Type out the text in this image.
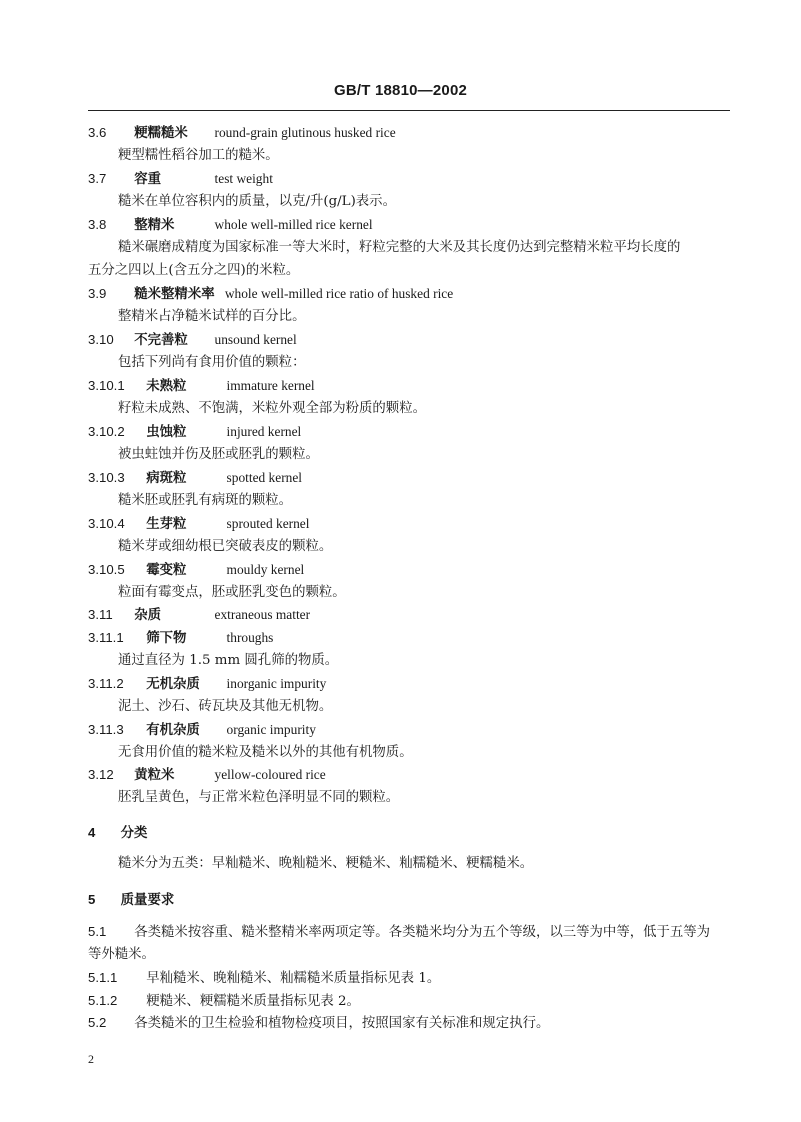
GB/T 18810—2002
3.6 粳糯糙米 round-grain glutinous husked rice
粳型糯性稻谷加工的糙米。
3.7 容重	test weight
糙米在单位容积内的质量，以克/升(g/L)表示。
3.8 整精米	whole well-milled rice kernel
糙米碾磨成精度为国家标准一等大米时，籽粒完整的大米及其长度仍达到完整精米粒平均长度的
五分之四以上(含五分之四)的米粒。
3.9 糙米整精米率 whole well-milled rice ratio of husked rice
整精米占净糙米试样的百分比。
3.10 不完善粒 unsound kernel
包括下列尚有食用价值的颗粒：
3.10.1 未熟粒	immature kernel
籽粒未成熟、不饱满，米粒外观全部为粉质的颗粒。
3.10.2 虫蚀粒	injured kernel
被虫蛀蚀并伤及胚或胚乳的颗粒。
3.10.3 病斑粒	spotted kernel
糙米胚或胚乳有病斑的颗粒。
3.10.4 生芽粒	sprouted kernel
糙米芽或细幼根已突破表皮的颗粒。
3.10.5 霉变粒	mouldy kernel
粒面有霉变点，胚或胚乳变色的颗粒。
3.11 杂质	extraneous matter
3.11.1 筛下物	throughs
通过直径为 1.5 mm 圆孔筛的物质。
3.11.2 无机杂质 inorganic impurity
泥土、沙石、砖瓦块及其他无机物。
3.11.3 有机杂质 organic impurity
无食用价值的糙米粒及糙米以外的其他有机物质。
3.12 黄粒米	yellow-coloured rice
胚乳呈黄色，与正常米粒色泽明显不同的颗粒。
4 分类
糙米分为五类：早籼糙米、晚籼糙米、粳糙米、籼糯糙米、粳糯糙米。
5 质量要求
5.1 各类糙米按容重、糙米整精米率两项定等。各类糙米均分为五个等级，以三等为中等，低于五等为
等外糙米。
5.1.1 早籼糙米、晚籼糙米、籼糯糙米质量指标见表 1。
5.1.2 粳糙米、粳糯糙米质量指标见表 2。
5.2 各类糙米的卫生检验和植物检疫项目，按照国家有关标准和规定执行。
2
